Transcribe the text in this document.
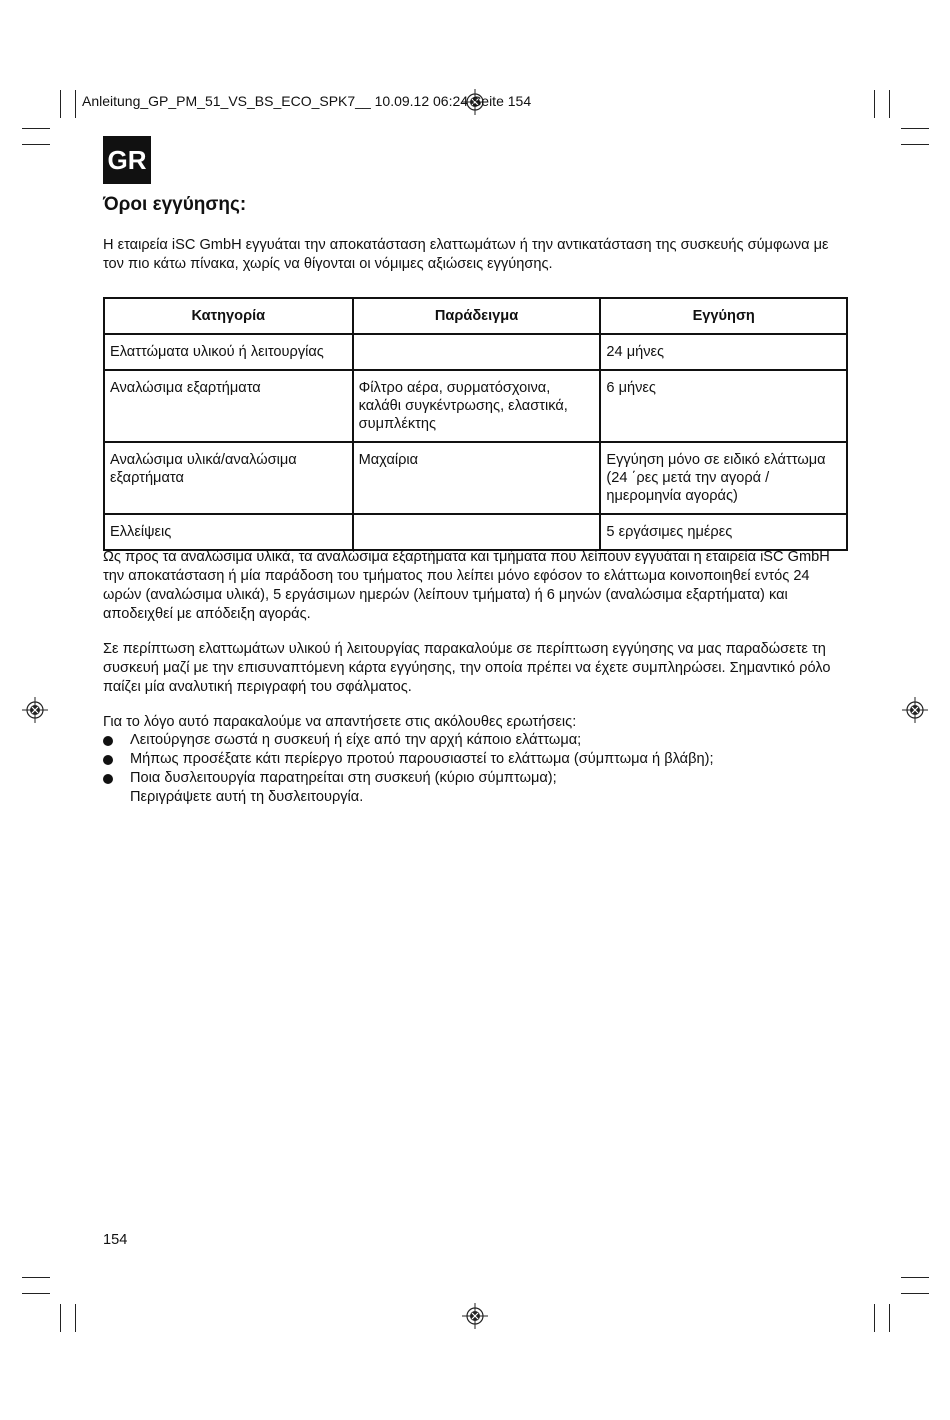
Anleitung_GP_PM_51_VS_BS_ECO_SPK7__ 10.09.12 06:24 Seite 154
GR
Όροι εγγύησης:
Η εταιρεία iSC GmbH εγγυάται την αποκατάσταση ελαττωμάτων ή την αντικατάσταση της συσκευής σύμφωνα με τον πιο κάτω πίνακα, χωρίς να θίγονται οι νόμιμες αξιώσεις εγγύησης.
Κατηγορία	Παράδειγμα	Εγγύηση
Ελαττώματα υλικού ή λειτουργίας		24 μήνες
Αναλώσιμα εξαρτήματα	Φίλτρο αέρα, συρματόσχοινα, καλάθι συγκέντρωσης, ελαστικά, συμπλέκτης	6 μήνες
Αναλώσιμα υλικά/αναλώσιμα εξαρτήματα	Μαχαίρια	Εγγύηση μόνο σε ειδικό ελάττωμα (24 ΄ρες μετά την αγορά / ημερομηνία αγοράς)
Ελλείψεις		5 εργάσιμες ημέρες
Ως προς τα αναλώσιμα υλικά, τα αναλώσιμα εξαρτήματα και τμήματα που λείπουν εγγυάται η εταιρεία iSC GmbH την αποκατάσταση ή μία παράδοση του τμήματος που λείπει μόνο εφόσον το ελάττωμα κοινοποιηθεί εντός 24 ωρών (αναλώσιμα υλικά), 5 εργάσιμων ημερών (λείπουν τμήματα) ή 6 μηνών (αναλώσιμα εξαρτήματα) και αποδειχθεί με απόδειξη αγοράς.
Σε περίπτωση ελαττωμάτων υλικού ή λειτουργίας παρακαλούμε σε περίπτωση εγγύησης να μας παραδώσετε τη συσκευή μαζί με την επισυναπτόμενη κάρτα εγγύησης, την οποία πρέπει να έχετε συμπληρώσει. Σημαντικό ρόλο παίζει μία αναλυτική περιγραφή του σφάλματος.
Για το λόγο αυτό παρακαλούμε να απαντήσετε στις ακόλουθες ερωτήσεις:
Λειτούργησε σωστά η συσκευή ή είχε από την αρχή κάποιο ελάττωμα;
Μήπως προσέξατε κάτι περίεργο προτού παρουσιαστεί το ελάττωμα (σύμπτωμα ή βλάβη);
Ποια δυσλειτουργία παρατηρείται στη συσκευή (κύριο σύμπτωμα);
Περιγράψετε αυτή τη δυσλειτουργία.
154
